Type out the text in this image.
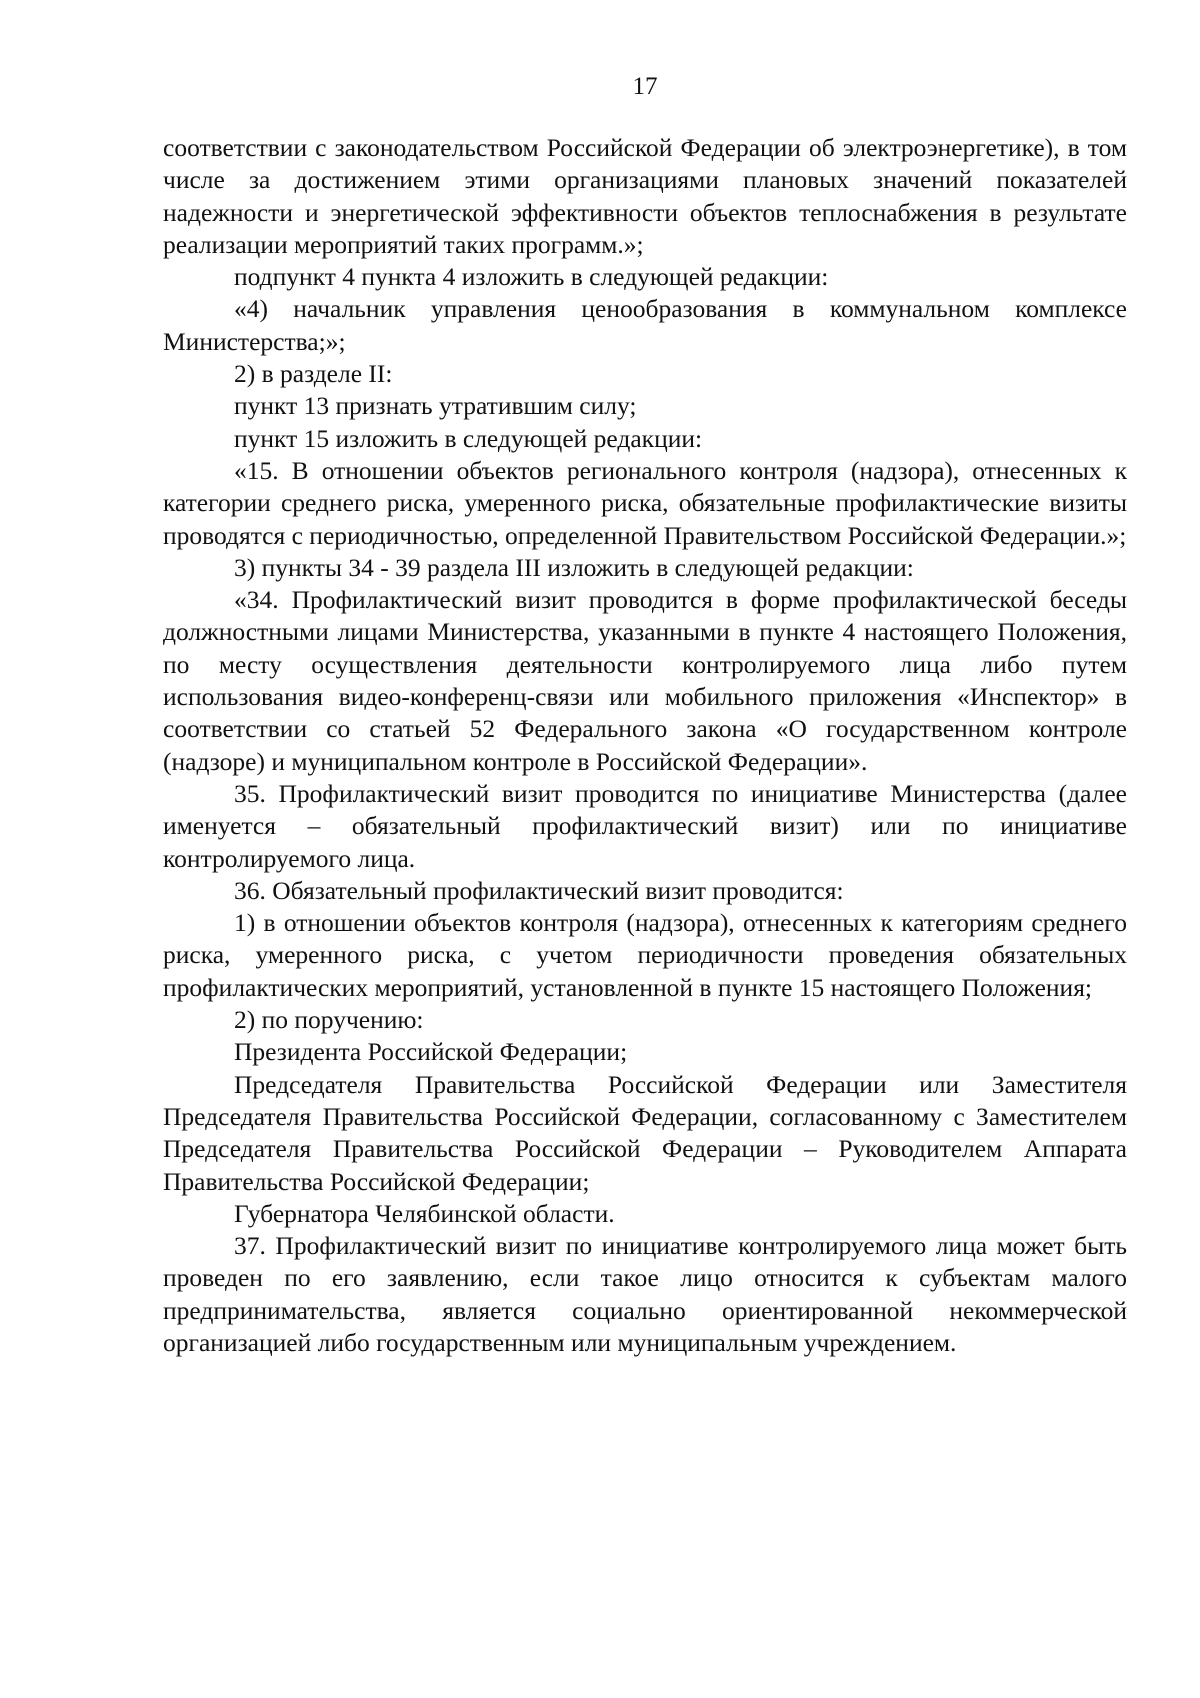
17

соответствии с законодательством Российской Федерации об электроэнергетике), в том числе за достижением этими организациями плановых значений показателей надежности и энергетической эффективности объектов теплоснабжения в результате реализации мероприятий таких программ.»;

подпункт 4 пункта 4 изложить в следующей редакции:

«4) начальник управления ценообразования в коммунальном комплексе Министерства;»;

2) в разделе II:

пункт 13 признать утратившим силу;

пункт 15 изложить в следующей редакции:

«15. В отношении объектов регионального контроля (надзора), отнесенных к категории среднего риска, умеренного риска, обязательные профилактические визиты проводятся с периодичностью, определенной Правительством Российской Федерации.»;

3) пункты 34 - 39 раздела III изложить в следующей редакции:

«34. Профилактический визит проводится в форме профилактической беседы должностными лицами Министерства, указанными в пункте 4 настоящего Положения, по месту осуществления деятельности контролируемого лица либо путем использования видео-конференц-связи или мобильного приложения «Инспектор» в соответствии со статьей 52 Федерального закона «О государственном контроле (надзоре) и муниципальном контроле в Российской Федерации».

35. Профилактический визит проводится по инициативе Министерства (далее именуется – обязательный профилактический визит) или по инициативе контролируемого лица.

36. Обязательный профилактический визит проводится:

1) в отношении объектов контроля (надзора), отнесенных к категориям среднего риска, умеренного риска, с учетом периодичности проведения обязательных профилактических мероприятий, установленной в пункте 15 настоящего Положения;

2) по поручению:

Президента Российской Федерации;

Председателя Правительства Российской Федерации или Заместителя Председателя Правительства Российской Федерации, согласованному с Заместителем Председателя Правительства Российской Федерации – Руководителем Аппарата Правительства Российской Федерации;

Губернатора Челябинской области.

37. Профилактический визит по инициативе контролируемого лица может быть проведен по его заявлению, если такое лицо относится к субъектам малого предпринимательства, является социально ориентированной некоммерческой организацией либо государственным или муниципальным учреждением.
